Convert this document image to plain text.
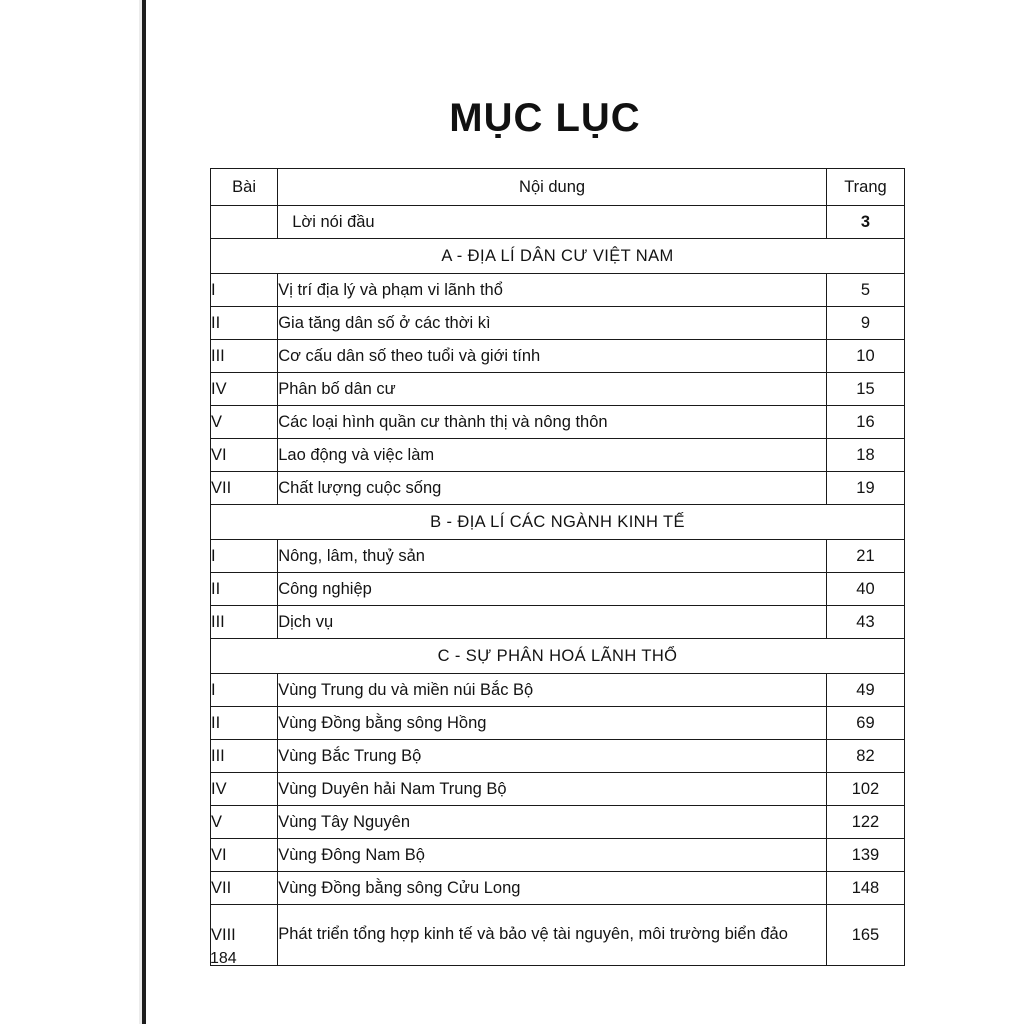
MỤC LỤC
Bài	Nội dung	Trang
	Lời nói đầu	3
A - ĐỊA LÍ DÂN CƯ VIỆT NAM		
I	Vị trí địa lý và phạm vi lãnh thổ	5
II	Gia tăng dân số ở các thời kì	9
III	Cơ cấu dân số theo tuổi và giới tính	10
IV	Phân bố dân cư	15
V	Các loại hình quần cư thành thị và nông thôn	16
VI	Lao động và việc làm	18
VII	Chất lượng cuộc sống	19
B - ĐỊA LÍ CÁC NGÀNH KINH TẾ		
I	Nông, lâm, thuỷ sản	21
II	Công nghiệp	40
III	Dịch vụ	43
C - SỰ PHÂN HOÁ LÃNH THỔ		
I	Vùng Trung du và miền núi Bắc Bộ	49
II	Vùng Đồng bằng sông Hồng	69
III	Vùng Bắc Trung Bộ	82
IV	Vùng Duyên hải Nam Trung Bộ	102
V	Vùng Tây Nguyên	122
VI	Vùng Đông Nam Bộ	139
VII	Vùng Đồng bằng sông Cửu Long	148
VIII	Phát triển tổng hợp kinh tế và bảo vệ tài nguyên, môi trường biển đảo	165
184
